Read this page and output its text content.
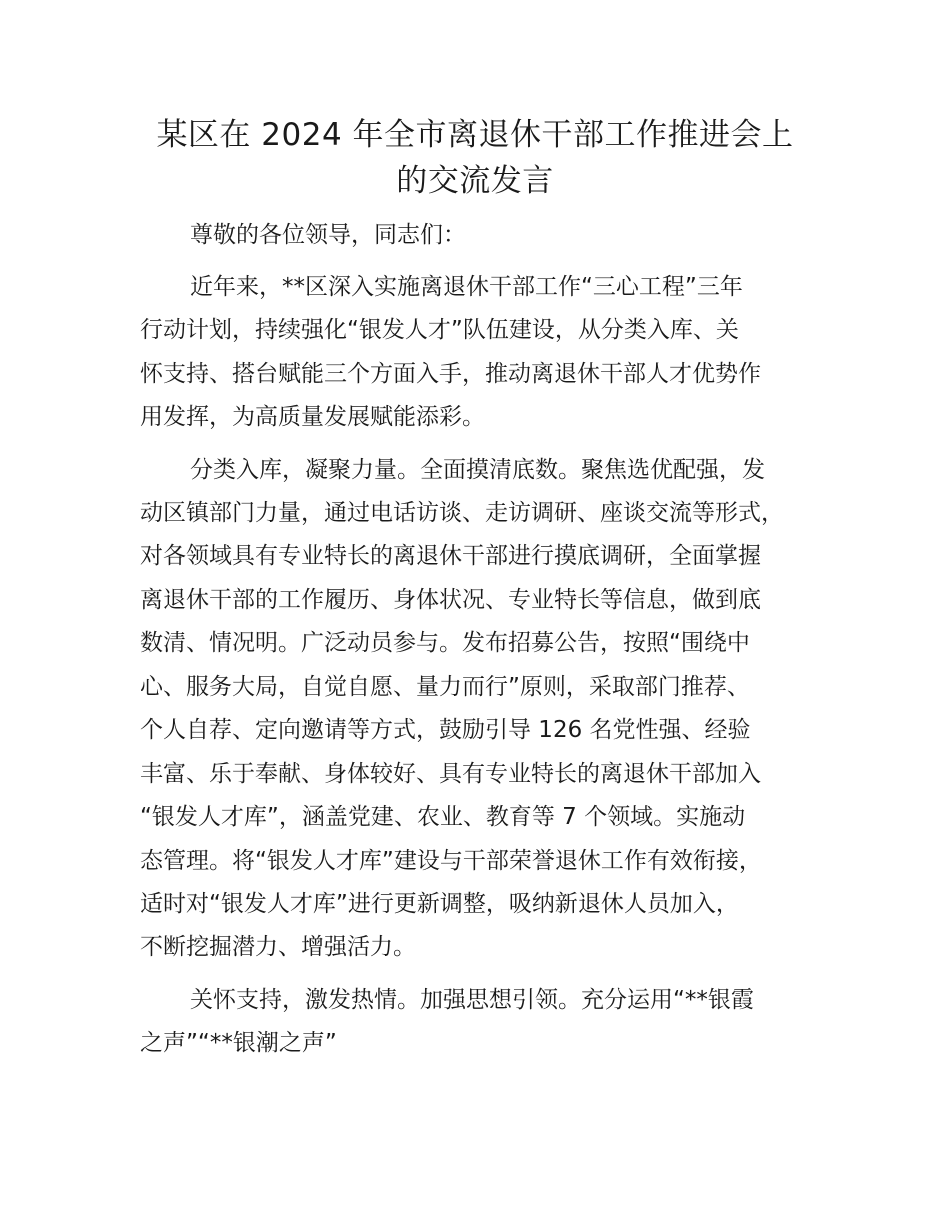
某区在 2024 年全市离退休干部工作推进会上
的交流发言
尊敬的各位领导，同志们：
近年来，**区深入实施离退休干部工作“三心工程”三年
行动计划，持续强化“银发人才”队伍建设，从分类入库、关
怀支持、搭台赋能三个方面入手，推动离退休干部人才优势作
用发挥，为高质量发展赋能添彩。
分类入库，凝聚力量。全面摸清底数。聚焦选优配强，发
动区镇部门力量，通过电话访谈、走访调研、座谈交流等形式，
对各领域具有专业特长的离退休干部进行摸底调研，全面掌握
离退休干部的工作履历、身体状况、专业特长等信息，做到底
数清、情况明。广泛动员参与。发布招募公告，按照“围绕中
心、服务大局，自觉自愿、量力而行”原则，采取部门推荐、
个人自荐、定向邀请等方式，鼓励引导 126 名党性强、经验
丰富、乐于奉献、身体较好、具有专业特长的离退休干部加入
“银发人才库”，涵盖党建、农业、教育等 7 个领域。实施动
态管理。将“银发人才库”建设与干部荣誉退休工作有效衔接，
适时对“银发人才库”进行更新调整，吸纳新退休人员加入，
不断挖掘潜力、增强活力。
关怀支持，激发热情。加强思想引领。充分运用“**银霞
之声”“**银潮之声”
